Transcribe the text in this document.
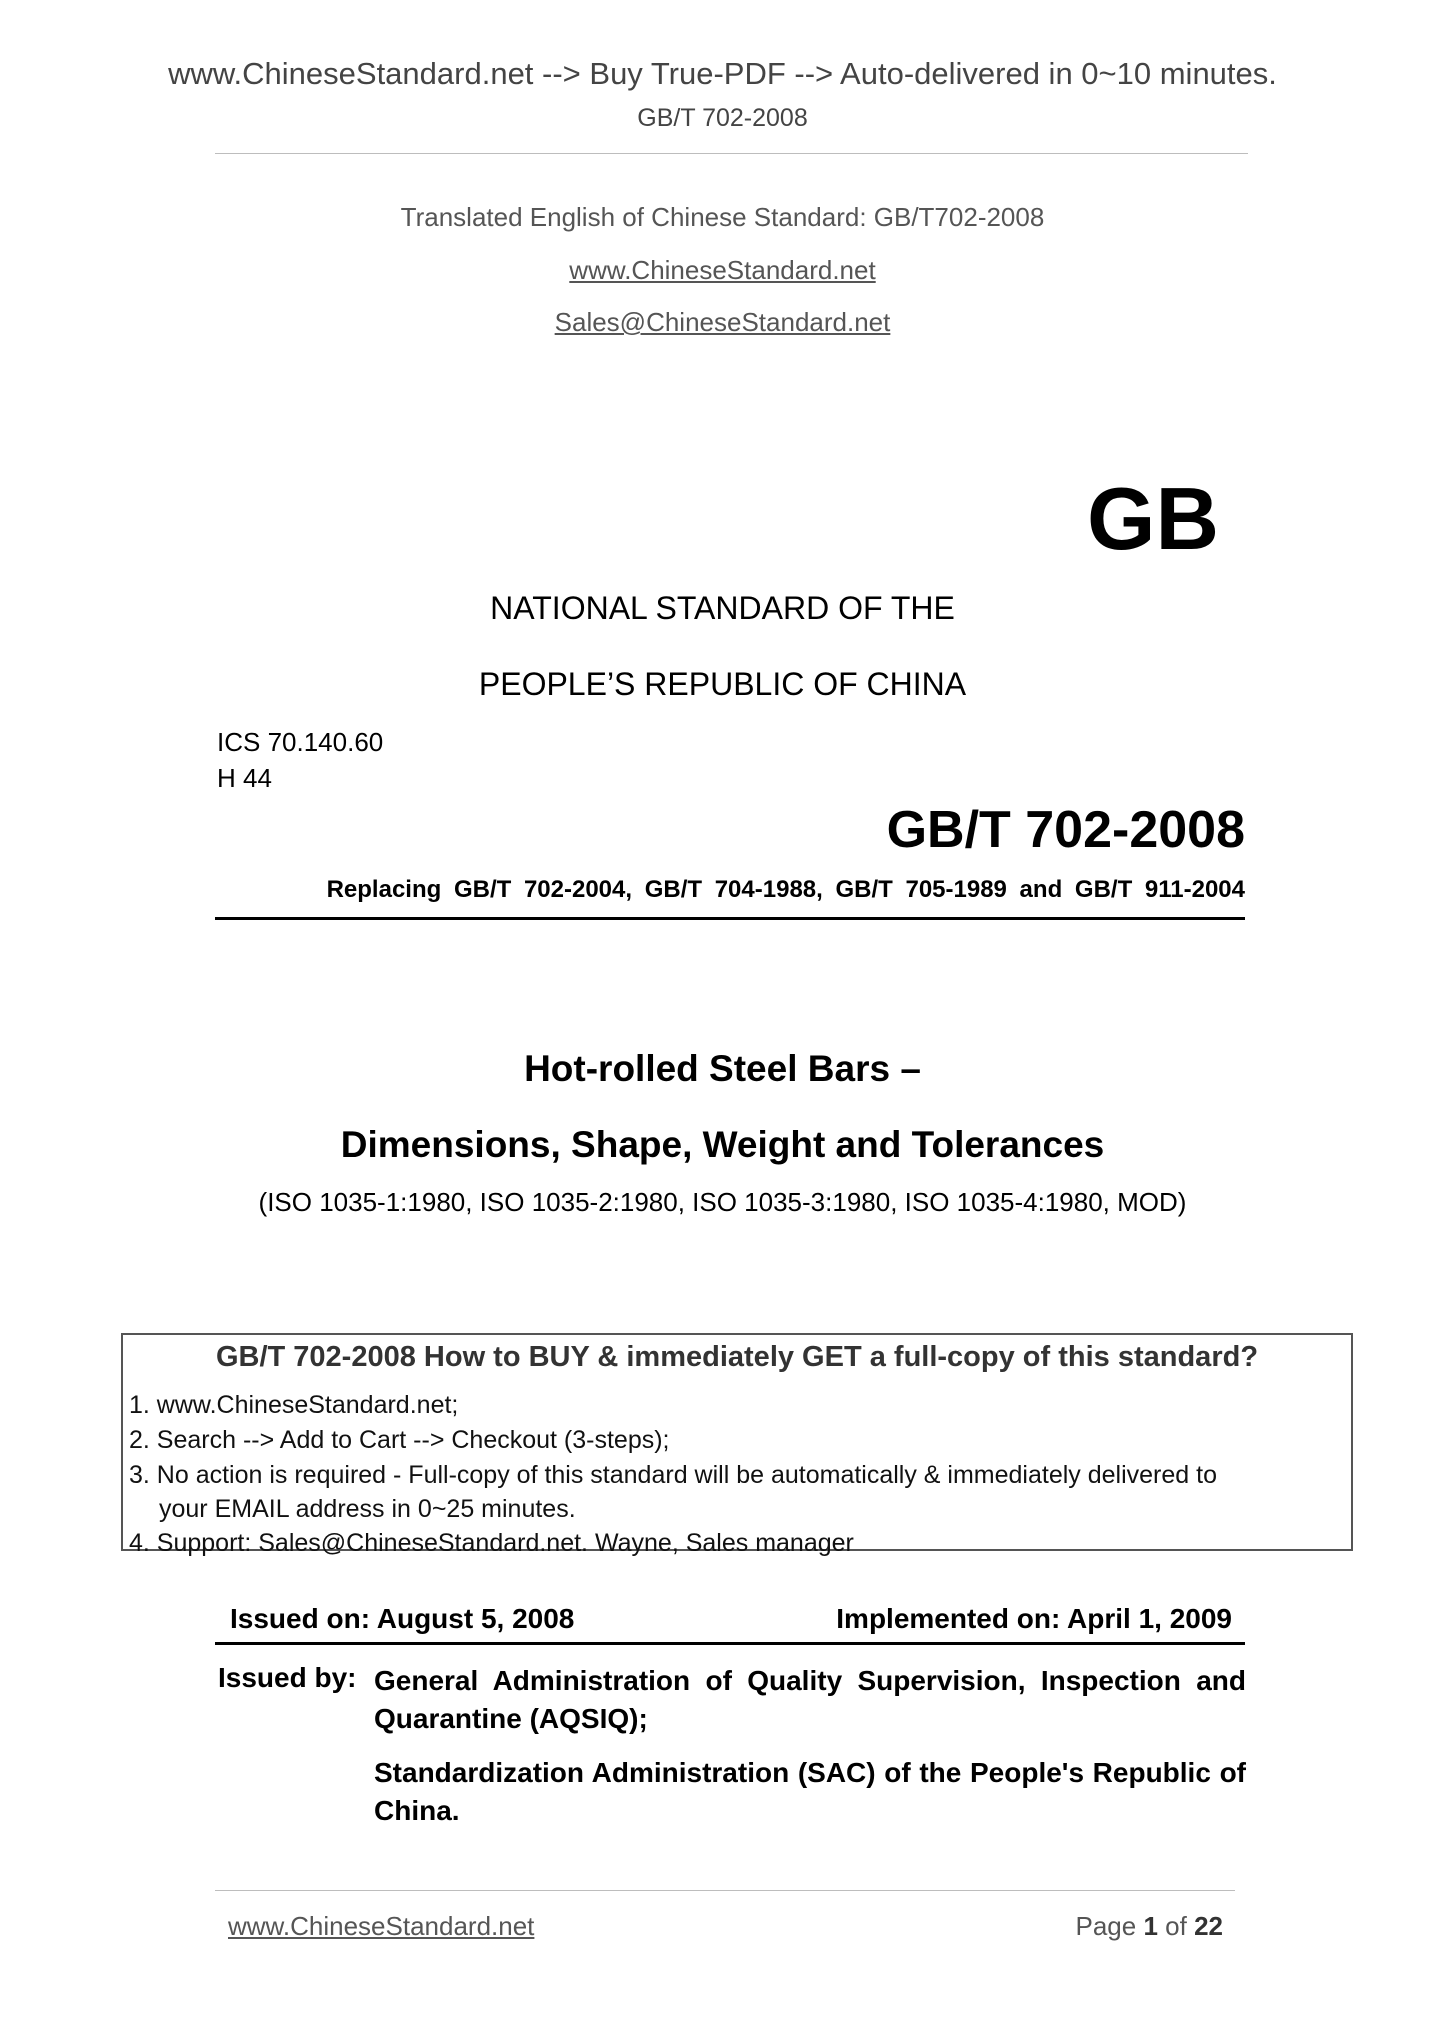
www.ChineseStandard.net --> Buy True-PDF --> Auto-delivered in 0~10 minutes.
GB/T 702-2008
Translated English of Chinese Standard: GB/T702-2008
www.ChineseStandard.net
Sales@ChineseStandard.net
GB
NATIONAL STANDARD OF THE
PEOPLE’S REPUBLIC OF CHINA
ICS 70.140.60
H 44
GB/T 702-2008
Replacing GB/T 702-2004, GB/T 704-1988, GB/T 705-1989 and GB/T 911-2004
Hot-rolled Steel Bars –
Dimensions, Shape, Weight and Tolerances
(ISO 1035-1:1980, ISO 1035-2:1980, ISO 1035-3:1980, ISO 1035-4:1980, MOD)
GB/T 702-2008 How to BUY & immediately GET a full-copy of this standard?
1. www.ChineseStandard.net;
2. Search --> Add to Cart --> Checkout (3-steps);
3. No action is required - Full-copy of this standard will be automatically & immediately delivered to
your EMAIL address in 0~25 minutes.
4. Support: Sales@ChineseStandard.net. Wayne, Sales manager
Issued on: August 5, 2008	Implemented on: April 1, 2009
Issued by: General Administration of Quality Supervision, Inspection and Quarantine (AQSIQ);
Standardization Administration (SAC) of the People's Republic of China.
www.ChineseStandard.net	Page 1 of 22
